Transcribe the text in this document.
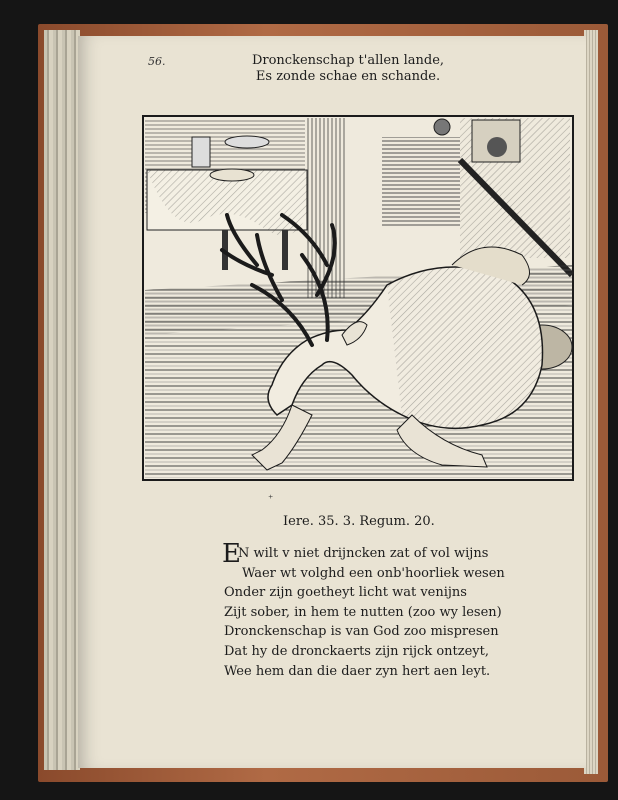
56.	Dronckenschap t'allen lande,
Es zonde schae en schande.
⁺
Iere. 35. 3. Regum. 20.
E
N wilt v niet drijncken zat of vol wijns
Waer wt volghd een onb'hoorliek wesen
Onder zijn goetheyt licht wat venijns
Zijt sober, in hem te nutten (zoo wy lesen)
Dronckenschap is van God zoo mispresen
Dat hy de dronckaerts zijn rijck ontzeyt,
Wee hem dan die daer zyn hert aen leyt.
